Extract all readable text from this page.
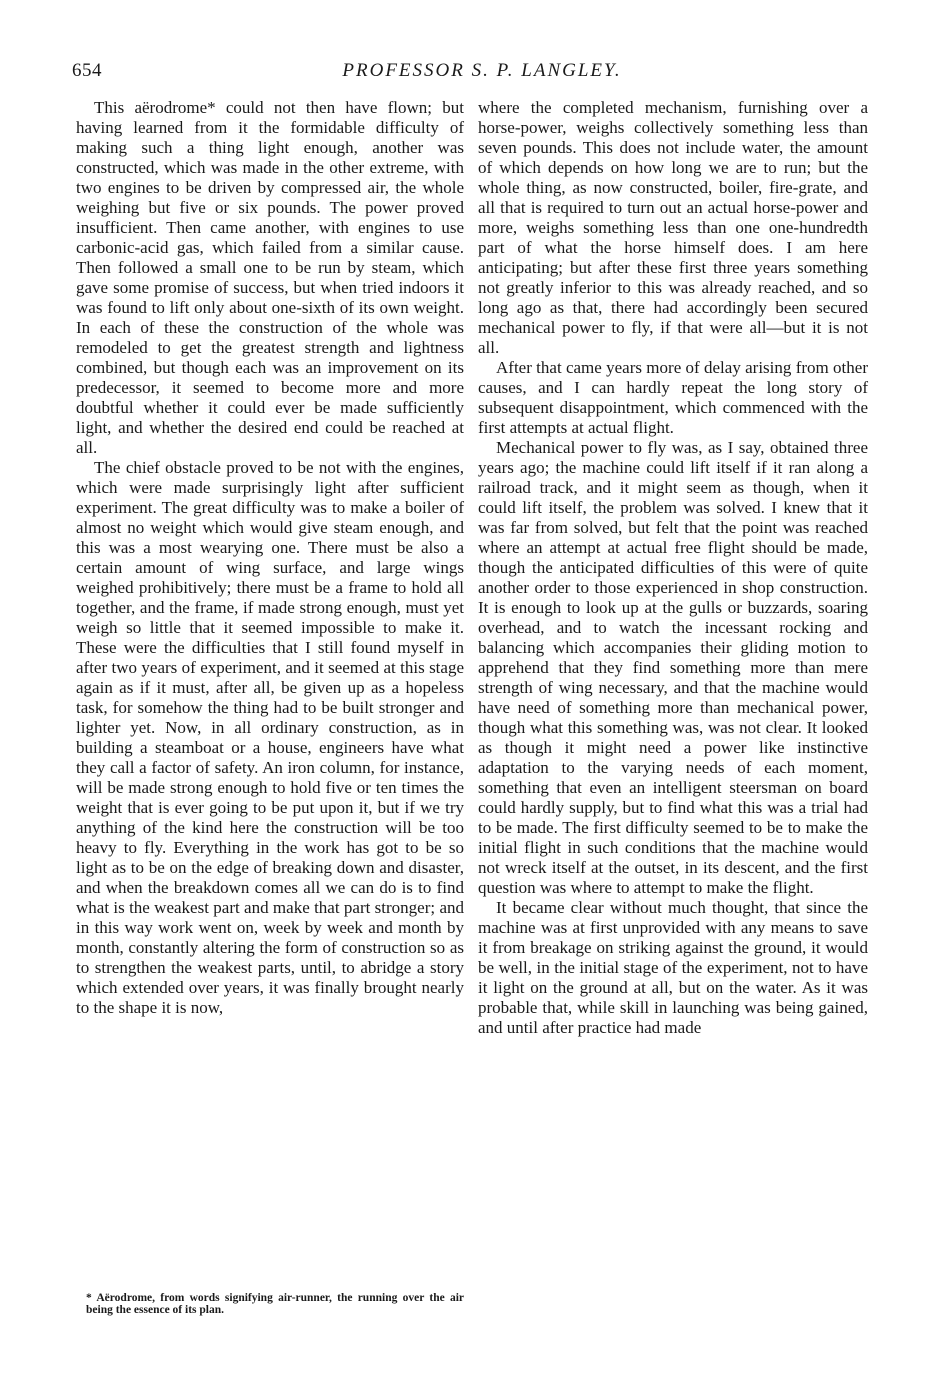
654	PROFESSOR S. P. LANGLEY.

This aërodrome* could not then have flown; but having learned from it the formidable difficulty of making such a thing light enough, another was constructed, which was made in the other extreme, with two engines to be driven by compressed air, the whole weighing but five or six pounds. The power proved insufficient. Then came another, with engines to use carbonic-acid gas, which failed from a similar cause. Then followed a small one to be run by steam, which gave some promise of success, but when tried indoors it was found to lift only about one-sixth of its own weight. In each of these the construction of the whole was remodeled to get the greatest strength and lightness combined, but though each was an improvement on its predecessor, it seemed to become more and more doubtful whether it could ever be made sufficiently light, and whether the desired end could be reached at all.

The chief obstacle proved to be not with the engines, which were made surprisingly light after sufficient experiment. The great difficulty was to make a boiler of almost no weight which would give steam enough, and this was a most wearying one. There must be also a certain amount of wing surface, and large wings weighed prohibitively; there must be a frame to hold all together, and the frame, if made strong enough, must yet weigh so little that it seemed impossible to make it. These were the difficulties that I still found myself in after two years of experiment, and it seemed at this stage again as if it must, after all, be given up as a hopeless task, for somehow the thing had to be built stronger and lighter yet. Now, in all ordinary construction, as in building a steamboat or a house, engineers have what they call a factor of safety. An iron column, for instance, will be made strong enough to hold five or ten times the weight that is ever going to be put upon it, but if we try anything of the kind here the construction will be too heavy to fly. Everything in the work has got to be so light as to be on the edge of breaking down and disaster, and when the breakdown comes all we can do is to find what is the weakest part and make that part stronger; and in this way work went on, week by week and month by month, constantly altering the form of construction so as to strengthen the weakest parts, until, to abridge a story which extended over years, it was finally brought nearly to the shape it is now,

where the completed mechanism, furnishing over a horse-power, weighs collectively something less than seven pounds. This does not include water, the amount of which depends on how long we are to run; but the whole thing, as now constructed, boiler, fire-grate, and all that is required to turn out an actual horse-power and more, weighs something less than one one-hundredth part of what the horse himself does. I am here anticipating; but after these first three years something not greatly inferior to this was already reached, and so long ago as that, there had accordingly been secured mechanical power to fly, if that were all—but it is not all.

After that came years more of delay arising from other causes, and I can hardly repeat the long story of subsequent disappointment, which commenced with the first attempts at actual flight.

Mechanical power to fly was, as I say, obtained three years ago; the machine could lift itself if it ran along a railroad track, and it might seem as though, when it could lift itself, the problem was solved. I knew that it was far from solved, but felt that the point was reached where an attempt at actual free flight should be made, though the anticipated difficulties of this were of quite another order to those experienced in shop construction. It is enough to look up at the gulls or buzzards, soaring overhead, and to watch the incessant rocking and balancing which accompanies their gliding motion to apprehend that they find something more than mere strength of wing necessary, and that the machine would have need of something more than mechanical power, though what this something was, was not clear. It looked as though it might need a power like instinctive adaptation to the varying needs of each moment, something that even an intelligent steersman on board could hardly supply, but to find what this was a trial had to be made. The first difficulty seemed to be to make the initial flight in such conditions that the machine would not wreck itself at the outset, in its descent, and the first question was where to attempt to make the flight.

It became clear without much thought, that since the machine was at first unprovided with any means to save it from breakage on striking against the ground, it would be well, in the initial stage of the experiment, not to have it light on the ground at all, but on the water. As it was probable that, while skill in launching was being gained, and until after practice had made

* Aërodrome, from words signifying air-runner, the running over the air being the essence of its plan.
